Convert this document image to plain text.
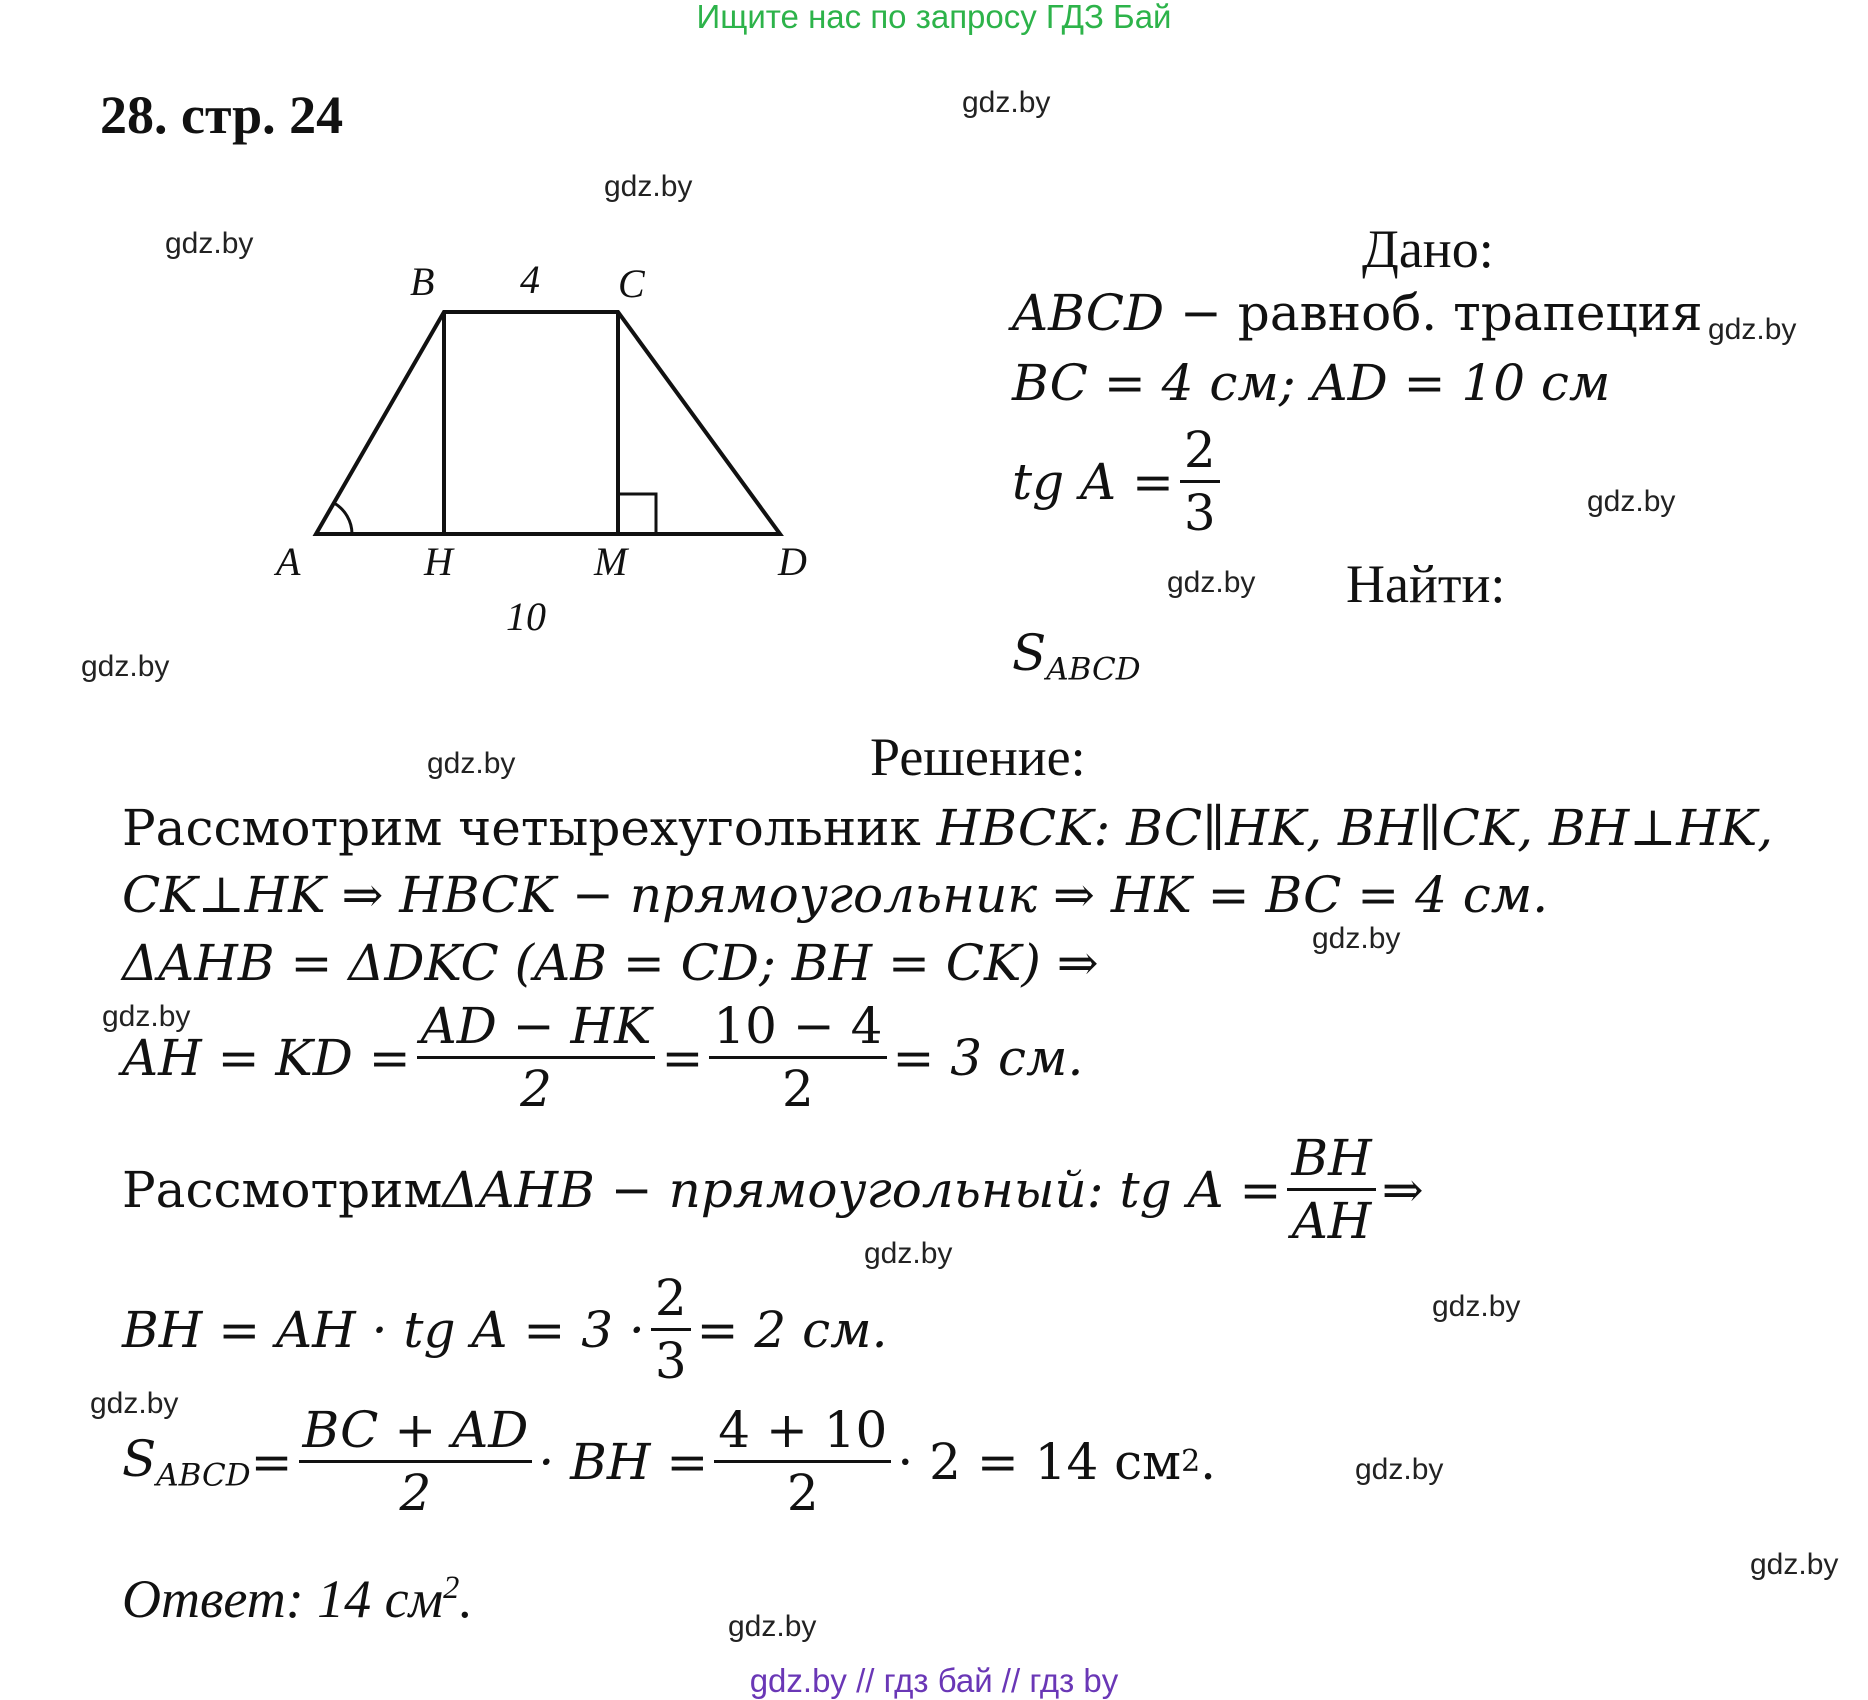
Ищите нас по запросу ГДЗ Бай
gdz.by // гдз бай // гдз by
gdz.by
gdz.by
gdz.by
gdz.by
gdz.by
gdz.by
gdz.by
gdz.by
gdz.by
gdz.by
gdz.by
gdz.by
gdz.by
gdz.by
gdz.by
gdz.by
28. стр. 24
A
B	C
D
H	M
4
10
Дано:
ABCD − равноб. трапеция
BC = 4 см; AD = 10 см
tg $A = \frac{2}{3}$
Найти:
$S_{ABCD}$
Решение:
Рассмотрим четырехугольник HBCK: BC∥HK, BH∥CK, BH⊥HK,
CK⊥HK ⇒ HBCK − прямоугольник ⇒ HK = BC = 4 см.
ΔAHB = ΔDKC (AB = CD; BH = CK) ⇒
AH = KD = $\frac{AD - HK}{2} = \frac{10 - 4}{2} = 3$ см.
Рассмотрим ΔAHB − прямоугольный: tg $A = \frac{BH}{AH}$ ⇒
BH = AH · tg $A = 3 \cdot \frac{2}{3} = 2$ см.
$S_{ABCD} = \frac{BC + AD}{2}$ · BH = $\frac{4 + 10}{2} \cdot 2 = 14$ см 2 .
Ответ: 14 $см^2$.
